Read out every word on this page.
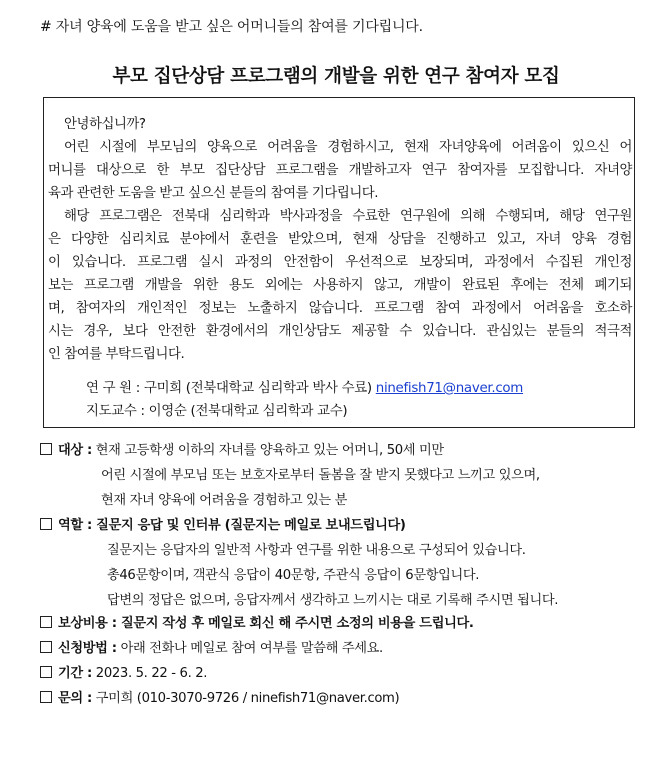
# 자녀 양육에 도움을 받고 싶은 어머니들의 참여를 기다립니다.
부모 집단상담 프로그램의 개발을 위한 연구 참여자 모집
안녕하십니까?
어린 시절에 부모님의 양육으로 어려움을 경험하시고, 현재 자녀양육에 어려움이 있으신 어
머니를 대상으로 한 부모 집단상담 프로그램을 개발하고자 연구 참여자를 모집합니다. 자녀양
육과 관련한 도움을 받고 싶으신 분들의 참여를 기다립니다.
해당 프로그램은 전북대 심리학과 박사과정을 수료한 연구원에 의해 수행되며, 해당 연구원
은 다양한 심리치료 분야에서 훈련을 받았으며, 현재 상담을 진행하고 있고, 자녀 양육 경험
이 있습니다. 프로그램 실시 과정의 안전함이 우선적으로 보장되며, 과정에서 수집된 개인정
보는 프로그램 개발을 위한 용도 외에는 사용하지 않고, 개발이 완료된 후에는 전체 폐기되
며, 참여자의 개인적인 정보는 노출하지 않습니다. 프로그램 참여 과정에서 어려움을 호소하
시는 경우, 보다 안전한 환경에서의 개인상담도 제공할 수 있습니다. 관심있는 분들의 적극적
인 참여를 부탁드립니다.
연 구 원 : 구미희 (전북대학교 심리학과 박사 수료) ninefish71@naver.com
지도교수 : 이영순 (전북대학교 심리학과 교수)
대상 : 현재 고등학생 이하의 자녀를 양육하고 있는 어머니, 50세 미만
어린 시절에 부모님 또는 보호자로부터 돌봄을 잘 받지 못했다고 느끼고 있으며,
현재 자녀 양육에 어려움을 경험하고 있는 분
역할 : 질문지 응답 및 인터뷰 (질문지는 메일로 보내드립니다)
질문지는 응답자의 일반적 사항과 연구를 위한 내용으로 구성되어 있습니다.
총46문항이며, 객관식 응답이 40문항, 주관식 응답이 6문항입니다.
답변의 정답은 없으며, 응답자께서 생각하고 느끼시는 대로 기록해 주시면 됩니다.
보상비용 : 질문지 작성 후 메일로 회신 해 주시면 소정의 비용을 드립니다.
신청방법 : 아래 전화나 메일로 참여 여부를 말씀해 주세요.
기간 : 2023. 5. 22 - 6. 2.
문의 : 구미희 (010-3070-9726 / ninefish71@naver.com)
